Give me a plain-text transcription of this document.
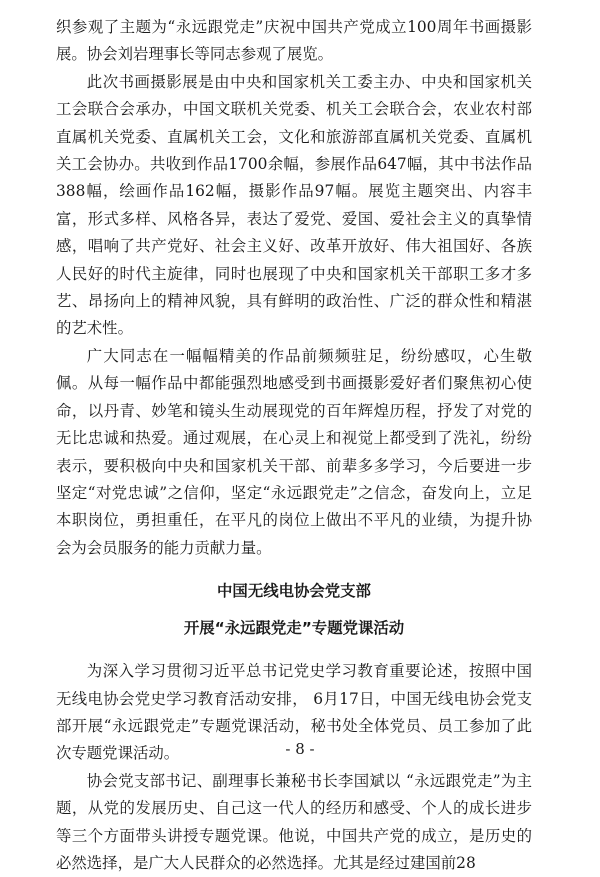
织参观了主题为“永远跟党走”庆祝中国共产党成立100周年书画摄影展。协会刘岩理事长等同志参观了展览。

此次书画摄影展是由中央和国家机关工委主办、中央和国家机关工会联合会承办，中国文联机关党委、机关工会联合会，农业农村部直属机关党委、直属机关工会，文化和旅游部直属机关党委、直属机关工会协办。共收到作品1700余幅，参展作品647幅，其中书法作品388幅，绘画作品162幅，摄影作品97幅。展览主题突出、内容丰富，形式多样、风格各异，表达了爱党、爱国、爱社会主义的真挚情感，唱响了共产党好、社会主义好、改革开放好、伟大祖国好、各族人民好的时代主旋律，同时也展现了中央和国家机关干部职工多才多艺、昂扬向上的精神风貌，具有鲜明的政治性、广泛的群众性和精湛的艺术性。

广大同志在一幅幅精美的作品前频频驻足，纷纷感叹，心生敬佩。从每一幅作品中都能强烈地感受到书画摄影爱好者们聚焦初心使命，以丹青、妙笔和镜头生动展现党的百年辉煌历程，抒发了对党的无比忠诚和热爱。通过观展，在心灵上和视觉上都受到了洗礼，纷纷表示，要积极向中央和国家机关干部、前辈多多学习，今后要进一步坚定“对党忠诚”之信仰，坚定“永远跟党走”之信念，奋发向上，立足本职岗位，勇担重任，在平凡的岗位上做出不平凡的业绩，为提升协会为会员服务的能力贡献力量。

中国无线电协会党支部
开展“永远跟党走”专题党课活动

为深入学习贯彻习近平总书记党史学习教育重要论述，按照中国无线电协会党史学习教育活动安排， 6月17日，中国无线电协会党支部开展“永远跟党走”专题党课活动，秘书处全体党员、员工参加了此次专题党课活动。

协会党支部书记、副理事长兼秘书长李国斌以 “永远跟党走”为主题，从党的发展历史、自己这一代人的经历和感受、个人的成长进步等三个方面带头讲授专题党课。他说，中国共产党的成立，是历史的必然选择，是广大人民群众的必然选择。尤其是经过建国前28

- 8 -
